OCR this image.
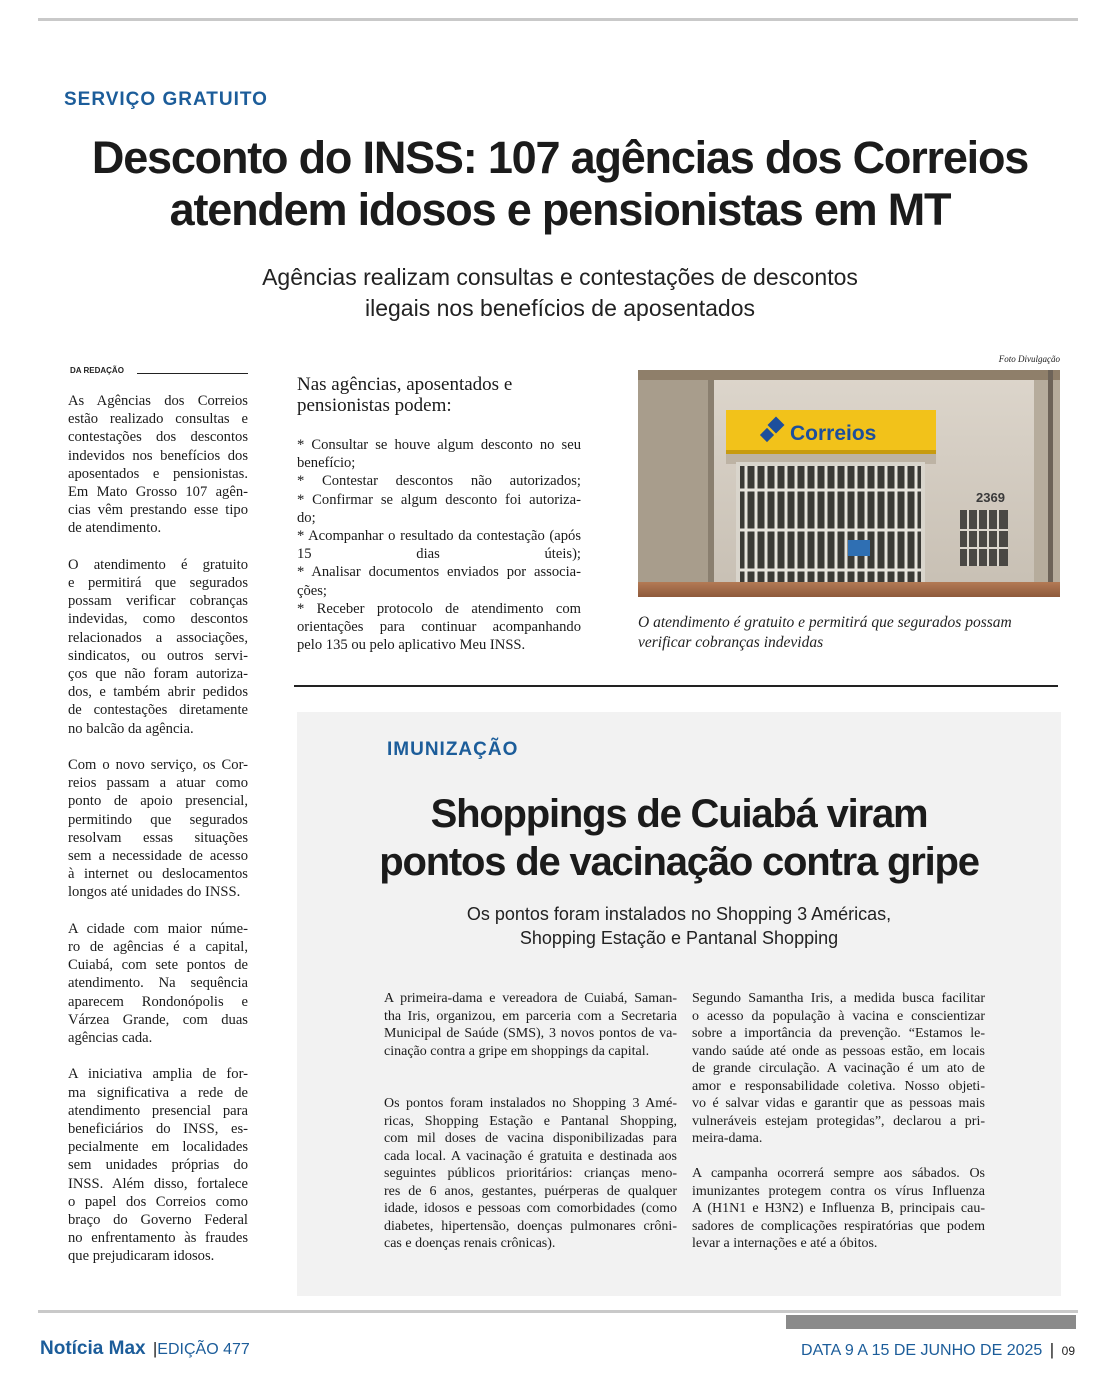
SERVIÇO GRATUITO
Desconto do INSS: 107 agências dos Correios
atendem idosos e pensionistas em MT
Agências realizam consultas e contestações de descontos
ilegais nos benefícios de aposentados
DA REDAÇÃO
As Agências dos Correios
estão realizado consultas e
contestações dos descontos
indevidos nos benefícios dos
aposentados e pensionistas.
Em Mato Grosso 107 agên-
cias vêm prestando esse tipo
de atendimento.
O atendimento é gratuito
e permitirá que segurados
possam verificar cobranças
indevidas, como descontos
relacionados a associações,
sindicatos, ou outros servi-
ços que não foram autoriza-
dos, e também abrir pedidos
de contestações diretamente
no balcão da agência.
Com o novo serviço, os Cor-
reios passam a atuar como
ponto de apoio presencial,
permitindo que segurados
resolvam essas situações
sem a necessidade de acesso
à internet ou deslocamentos
longos até unidades do INSS.
A cidade com maior núme-
ro de agências é a capital,
Cuiabá, com sete pontos de
atendimento. Na sequência
aparecem Rondonópolis e
Várzea Grande, com duas
agências cada.
A iniciativa amplia de for-
ma significativa a rede de
atendimento presencial para
beneficiários do INSS, es-
pecialmente em localidades
sem unidades próprias do
INSS. Além disso, fortalece
o papel dos Correios como
braço do Governo Federal
no enfrentamento às fraudes
que prejudicaram idosos.
Nas agências, aposentados e
pensionistas podem:
* Consultar se houve algum desconto no seu
benefício;
* Contestar descontos não autorizados;
* Confirmar se algum desconto foi autoriza-
do;
* Acompanhar o resultado da contestação (após
15 dias úteis);
* Analisar documentos enviados por associa-
ções;
* Receber protocolo de atendimento com
orientações para continuar acompanhando
pelo 135 ou pelo aplicativo Meu INSS.
Foto Divulgação
Correios
2369
O atendimento é gratuito e permitirá que segurados possam
verificar cobranças indevidas
IMUNIZAÇÃO
Shoppings de Cuiabá viram
pontos de vacinação contra gripe
Os pontos foram instalados no Shopping 3 Américas,
Shopping Estação e Pantanal Shopping
A primeira-dama e vereadora de Cuiabá, Saman-
tha Iris, organizou, em parceria com a Secretaria
Municipal de Saúde (SMS), 3 novos pontos de va-
cinação contra a gripe em shoppings da capital.
Os pontos foram instalados no Shopping 3 Amé-
ricas, Shopping Estação e Pantanal Shopping,
com mil doses de vacina disponibilizadas para
cada local. A vacinação é gratuita e destinada aos
seguintes públicos prioritários: crianças meno-
res de 6 anos, gestantes, puérperas de qualquer
idade, idosos e pessoas com comorbidades (como
diabetes, hipertensão, doenças pulmonares crôni-
cas e doenças renais crônicas).
Segundo Samantha Iris, a medida busca facilitar
o acesso da população à vacina e conscientizar
sobre a importância da prevenção. “Estamos le-
vando saúde até onde as pessoas estão, em locais
de grande circulação. A vacinação é um ato de
amor e responsabilidade coletiva. Nosso objeti-
vo é salvar vidas e garantir que as pessoas mais
vulneráveis estejam protegidas”, declarou a pri-
meira-dama.
A campanha ocorrerá sempre aos sábados. Os
imunizantes protegem contra os vírus Influenza
A (H1N1 e H3N2) e Influenza B, principais cau-
sadores de complicações respiratórias que podem
levar a internações e até a óbitos.
Notícia Max |EDIÇÃO 477	DATA 9 A 15 DE JUNHO DE 2025 | 09
